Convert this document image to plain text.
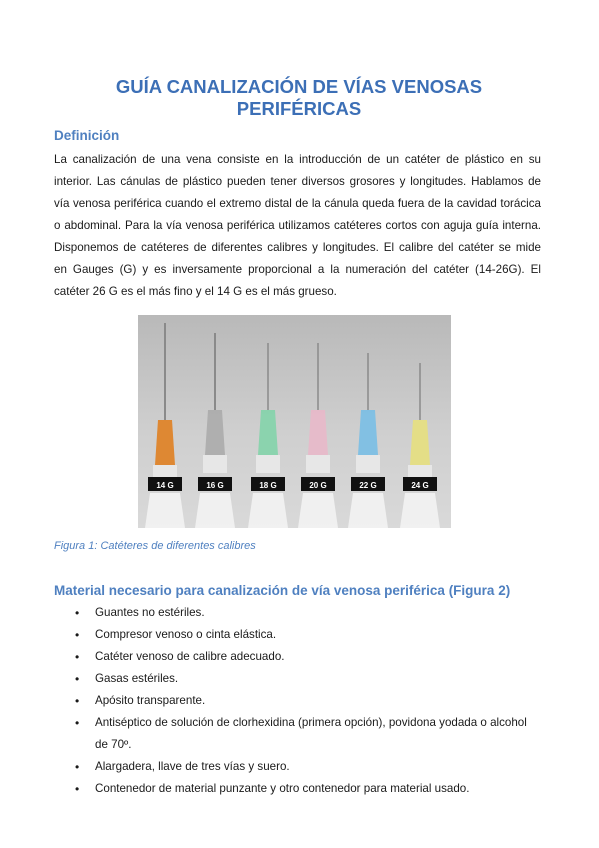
GUÍA CANALIZACIÓN DE VÍAS VENOSAS
PERIFÉRICAS
Definición

La canalización de una vena consiste en la introducción de un catéter de plástico en su
interior. Las cánulas de plástico pueden tener diversos grosores y longitudes. Hablamos de
vía venosa periférica cuando el extremo distal de la cánula queda fuera de la cavidad torácica
o abdominal. Para la vía venosa periférica utilizamos catéteres cortos con aguja guía interna.
Disponemos de catéteres de diferentes calibres y longitudes. El calibre del catéter se mide
en Gauges (G) y es inversamente proporcional a la numeración del catéter (14-26G). El
catéter 26 G es el más fino y el 14 G es el más grueso.

14 G	16 G	18 G	20 G	22 G	24 G

Figura 1: Catéteres de diferentes calibres

Material necesario para canalización de vía venosa periférica (Figura 2)
• Guantes no estériles.
• Compresor venoso o cinta elástica.
• Catéter venoso de calibre adecuado.
• Gasas estériles.
• Apósito transparente.
• Antiséptico de solución de clorhexidina (primera opción), povidona yodada o alcohol
de 70º.
• Alargadera, llave de tres vías y suero.
• Contenedor de material punzante y otro contenedor para material usado.
